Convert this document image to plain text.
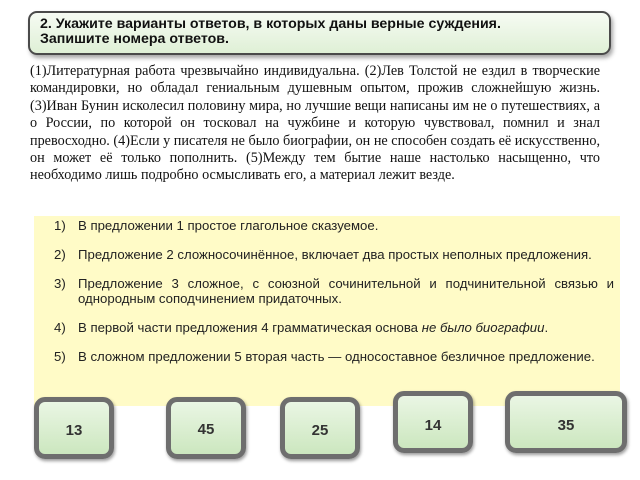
2. Укажите варианты ответов, в которых даны верные суждения.
Запишите номера ответов.
(1)Литературная работа чрезвычайно индивидуальна. (2)Лев Толстой не ездил в творческие командировки, но обладал гениальным душевным опытом, прожив сложнейшую жизнь. (3)Иван Бунин исколесил половину мира, но лучшие вещи написаны им не о путешествиях, а о России, по которой он тосковал на чужбине и которую чувствовал, помнил и знал превосходно. (4)Если у писателя не было биографии, он не способен создать её искусственно, он может её только пополнить. (5)Между тем бытие наше настолько насыщенно, что необходимо лишь подробно осмысливать его, а материал лежит везде.
1) В предложении 1 простое глагольное сказуемое.
2) Предложение 2 сложносочинённое, включает два простых неполных предложения.
3) Предложение 3 сложное, с союзной сочинительной и подчинительной связью и однородным соподчинением придаточных.
4) В первой части предложения 4 грамматическая основа не было биографии.
5) В сложном предложении 5 вторая часть — односоставное безличное предложение.
13	45	25	14	35
